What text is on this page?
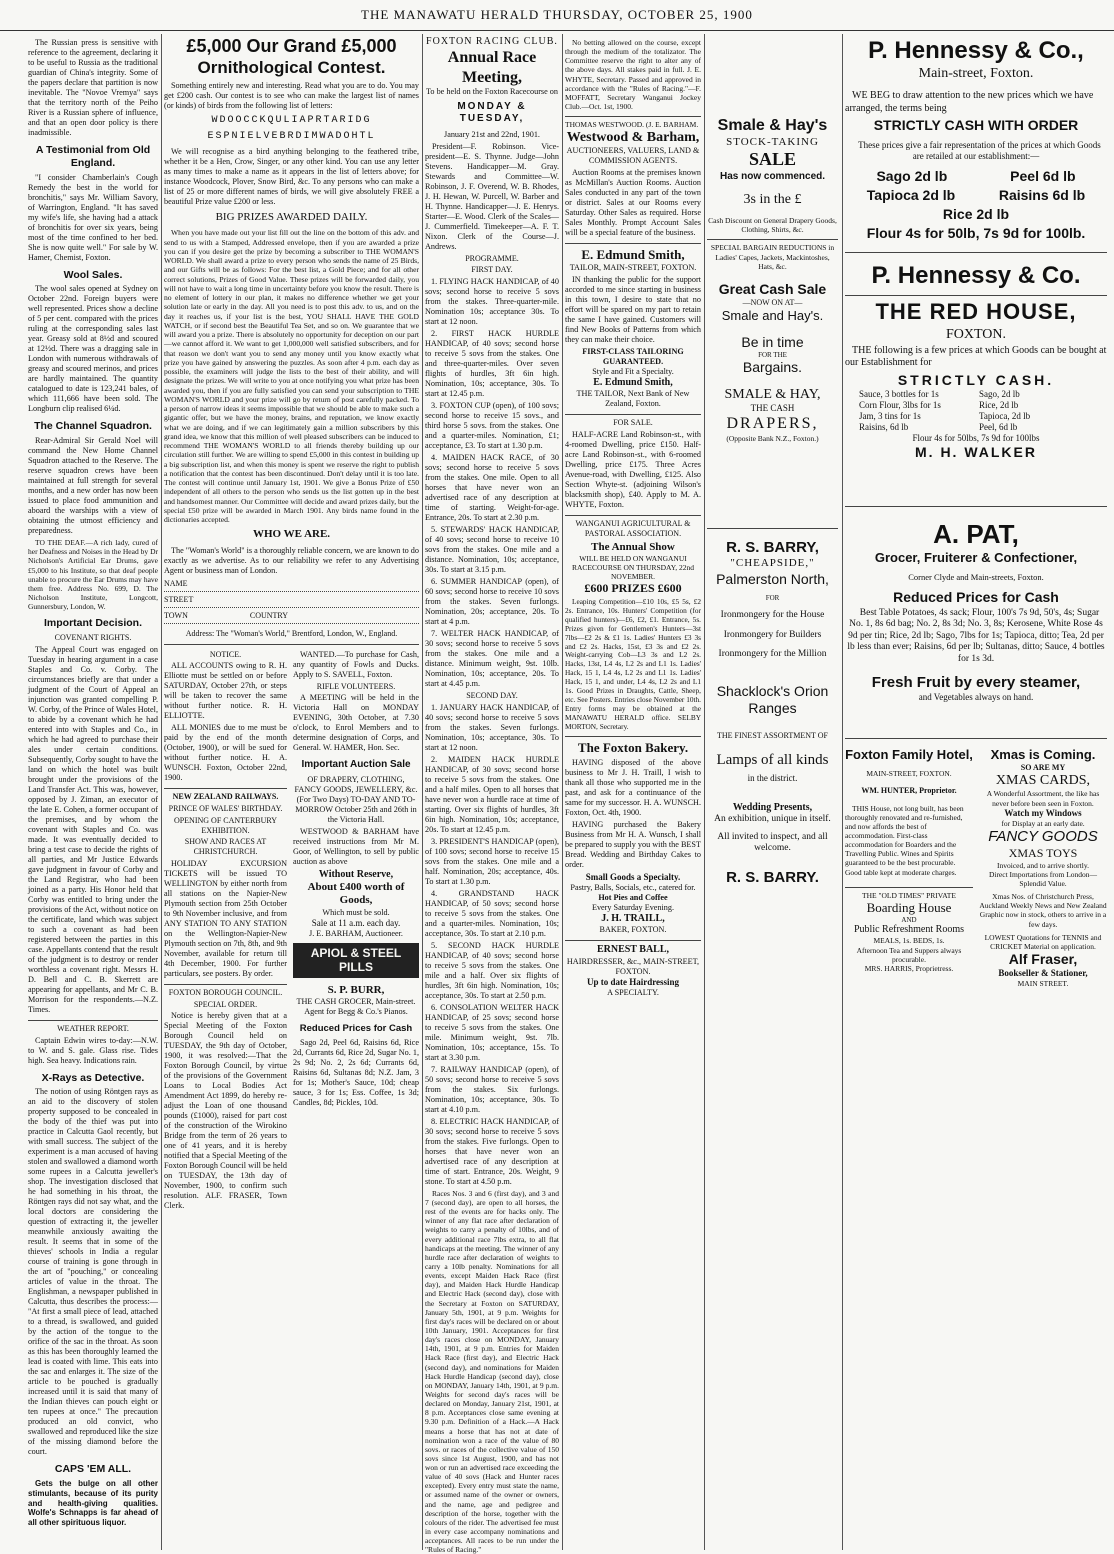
THE MANAWATU HERALD THURSDAY, OCTOBER 25, 1900

The Russian press is sensitive with reference to the agreement, declaring it to be useful to Russia as the traditional guardian of China's integrity. Some of the papers declare that partition is now inevitable. The "Novoe Vremya" says that the territory north of the Peiho River is a Russian sphere of influence, and that an open door policy is there inadmissible.

A Testimonial from Old England.

"I consider Chamberlain's Cough Remedy the best in the world for bronchitis," says Mr. William Savory, of Warrington, England. "It has saved my wife's life, she having had a attack of bronchitis for over six years, being most of the time confined to her bed. She is now quite well." For sale by W. Hamer, Chemist, Foxton.

Wool Sales.

The wool sales opened at Sydney on October 22nd. Foreign buyers were well represented. Prices show a decline of 5 per cent. compared with the prices ruling at the corresponding sales last year. Greasy sold at 8½d and scoured at 12½d. There was a dragging sale in London with numerous withdrawals of greasy and scoured merinos, and prices are hardly maintained. The quantity catalogued to date is 123,241 bales, of which 111,666 have been sold. The Longburn clip realised 6¼d.

The Channel Squadron.

Rear-Admiral Sir Gerald Noel will command the New Home Channel Squadron attached to the Reserve. The reserve squadron crews have been maintained at full strength for several months, and a new order has now been issued to place food ammunition and aboard the warships with a view of obtaining the utmost efficiency and preparedness.

TO THE DEAF.—A rich lady, cured of her Deafness and Noises in the Head by Dr Nicholson's Artificial Ear Drums, gave £5,000 to his Institute, so that deaf people unable to procure the Ear Drums may have them free. Address No. 699, D. The Nicholson Institute, Longcott, Gunnersbury, London, W.

Important Decision.
COVENANT RIGHTS.

The Appeal Court was engaged on Tuesday in hearing argument in a case Staples and Co. v. Corby. The circumstances briefly are that under a judgment of the Court of Appeal an injunction was granted compelling P. W. Corby, of the Prince of Wales Hotel, to abide by a covenant which he had entered into with Staples and Co., in which he had agreed to purchase their ales under certain conditions. Subsequently, Corby sought to have the land on which the hotel was built brought under the provisions of the Land Transfer Act. This was, however, opposed by J. Ziman, an executor of the late E. Cohen, a former occupant of the premises, and by whom the covenant with Staples and Co. was made. It was eventually decided to bring a test case to decide the rights of all parties, and Mr Justice Edwards gave judgment in favour of Corby and the Land Registrar, who had been joined as a party. His Honor held that Corby was entitled to bring under the provisions of the Act, without notice on the certificate, land which was subject to such a covenant as had been registered between the parties in this case. Appellants contend that the result of the judgment is to destroy or render worthless a covenant right. Messrs H. D. Bell and C. B. Skerrett are appearing for appellants, and Mr C. B. Morrison for the respondents.—N.Z. Times.

WEATHER REPORT.

Captain Edwin wires to-day:—N.W. to W. and S. gale. Glass rise. Tides high. Sea heavy. Indications rain.

X-Rays as Detective.

The notion of using Röntgen rays as an aid to the discovery of stolen property supposed to be concealed in the body of the thief was put into practice in Calcutta Gaol recently, but with small success. The subject of the experiment is a man accused of having stolen and swallowed a diamond worth some rupees in a Calcutta jeweller's shop. The investigation disclosed that he had something in his throat, the Röntgen rays did not say what, and the local doctors are considering the question of extracting it, the jeweller meanwhile anxiously awaiting the result. It seems that in some of the thieves' schools in India a regular course of training is gone through in the art of "pouching," or concealing articles of value in the throat. The Englishman, a newspaper published in Calcutta, thus describes the process:— "At first a small piece of lead, attached to a thread, is swallowed, and guided by the action of the tongue to the orifice of the sac in the throat. As soon as this has been thoroughly learned the lead is coated with lime. This eats into the sac and enlarges it. The size of the article to be pouched is gradually increased until it is said that many of the Indian thieves can pouch eight or ten rupees at once." The precaution produced an old convict, who swallowed and reproduced like the size of the missing diamond before the court.

CAPS 'EM ALL.

Gets the bulge on all other stimulants, because of its purity and health-giving qualities. Wolfe's Schnapps is far ahead of all other spirituous liquor.

£5,000 Our Grand £5,000
Ornithological Contest.

Something entirely new and interesting. Read what you are to do. You may get £200 cash. Our contest is to see who can make the largest list of names (or kinds) of birds from the following list of letters:

WDOOCCKQULIAPRTARIDG
ESPNIELVEBRDIMWADOHTL

We will recognise as a bird anything belonging to the feathered tribe, whether it be a Hen, Crow, Singer, or any other kind. You can use any letter as many times to make a name as it appears in the list of letters above; for instance Woodcock, Plover, Snow Bird, &c. To any persons who can make a list of 25 or more different names of birds, we will give absolutely FREE a beautiful Prize value £200 or less.

BIG PRIZES AWARDED DAILY.

When you have made out your list fill out the line on the bottom of this adv. and send to us with a Stamped, Addressed envelope, then if you are awarded a prize you can if you desire get the prize by becoming a subscriber to THE WOMAN'S WORLD. We shall award a prize to every person who sends the name of 25 Birds, and our Gifts will be as follows: For the best list, a Gold Piece; and for all other correct solutions, Prizes of Good Value. These prizes will be forwarded daily, you will not have to wait a long time in uncertainty before you know the result. There is no element of lottery in our plan, it makes no difference whether we get your solution late or early in the day. All you need is to post this adv. to us, and on the day it reaches us, if your list is the best, YOU SHALL HAVE THE GOLD WATCH, or if second best the Beautiful Tea Set, and so on. We guarantee that we will award you a prize. There is absolutely no opportunity for deception on our part—we cannot afford it. We want to get 1,000,000 well satisfied subscribers, and for that reason we don't want you to send any money until you know exactly what prize you have gained by answering the puzzles. As soon after 4 p.m. each day as possible, the examiners will judge the lists to the best of their ability, and will designate the prizes. We will write to you at once notifying you what prize has been awarded you, then if you are fully satisfied you can send your subscription to THE WOMAN'S WORLD and your prize will go by return of post carefully packed. To a person of narrow ideas it seems impossible that we should be able to make such a gigantic offer, but we have the money, brains, and reputation, we know exactly what we are doing, and if we can legitimately gain a million subscribers by this grand idea, we know that this million of well pleased subscribers can be induced to recommend THE WOMAN'S WORLD to all friends thereby building up our circulation still further. We are willing to spend £5,000 in this contest in building up a big subscription list, and when this money is spent we reserve the right to publish a notification that the contest has been discontinued. Don't delay until it is too late. The contest will continue until January 1st, 1901. We give a Bonus Prize of £50 independent of all others to the person who sends us the list gotten up in the best and handsomest manner. Our Committee will decide and award prizes daily, but the special £50 prize will be awarded in March 1901. Any birds name found in the dictionaries accepted.

WHO WE ARE.

The "Woman's World" is a thoroughly reliable concern, we are known to do exactly as we advertise. As to our reliability we refer to any Advertising Agent or business man of London.

NAME
STREET
TOWN	COUNTRY
Address: The "Woman's World," Brentford, London, W., England.
NOTICE.

ALL ACCOUNTS owing to R. H. Elliotte must be settled on or before SATURDAY, October 27th, or steps will be taken to recover the same without further notice. R. H. ELLIOTTE.

ALL MONIES due to me must be paid by the end of the month (October, 1900), or will be sued for without further notice. H. A. WUNSCH. Foxton, October 22nd, 1900.

NEW ZEALAND RAILWAYS.
PRINCE OF WALES' BIRTHDAY.
OPENING OF CANTERBURY EXHIBITION.
SHOW AND RACES AT CHRISTCHURCH.

HOLIDAY EXCURSION TICKETS will be issued TO WELLINGTON by either north from all stations on the Napier-New Plymouth section from 25th October to 9th November inclusive, and from ANY STATION TO ANY STATION on the Wellington-Napier-New Plymouth section on 7th, 8th, and 9th November, available for return till 4th December, 1900. For further particulars, see posters. By order.

FOXTON BOROUGH COUNCIL.
SPECIAL ORDER.

Notice is hereby given that at a Special Meeting of the Foxton Borough Council held on TUESDAY, the 9th day of October, 1900, it was resolved:—That the Foxton Borough Council, by virtue of the provisions of the Government Loans to Local Bodies Act Amendment Act 1899, do hereby re-adjust the Loan of one thousand pounds (£1000), raised for part cost of the construction of the Wirokino Bridge from the term of 26 years to one of 41 years, and it is hereby notified that a Special Meeting of the Foxton Borough Council will be held on TUESDAY, the 13th day of November, 1900, to confirm such resolution. ALF. FRASER, Town Clerk.

WANTED.—To purchase for Cash, any quantity of Fowls and Ducks. Apply to S. SAVELL, Foxton.

RIFLE VOLUNTEERS.

A MEETING will be held in the Victoria Hall on MONDAY EVENING, 30th October, at 7.30 o'clock, to Enrol Members and to determine designation of Corps, and General. W. HAMER, Hon. Sec.

Important Auction Sale
OF DRAPERY, CLOTHING, FANCY GOODS, JEWELLERY, &c. (For Two Days) TO-DAY AND TO-MORROW October 25th and 26th in the Victoria Hall.

WESTWOOD & BARHAM have received instructions from Mr M. Goor, of Wellington, to sell by public auction as above

Without Reserve,
About £400 worth of Goods,
Which must be sold.
Sale at 11 a.m. each day.
J. E. BARHAM, Auctioneer.
APIOL & STEEL PILLS
S. P. BURR,
THE CASH GROCER, Main-street.
Agent for Begg & Co.'s Pianos.
Reduced Prices for Cash

Sago 2d, Peel 6d, Raisins 6d, Rice 2d, Currants 6d, Rice 2d, Sugar No. 1, 2s 9d; No. 2, 2s 6d; Currants 6d, Raisins 6d, Sultanas 8d; N.Z. Jam, 3 for 1s; Mother's Sauce, 10d; cheap sauce, 3 for 1s; Ess. Coffee, 1s 3d; Candles, 8d; Pickles, 10d.

FOXTON RACING CLUB.
Annual Race Meeting,
To be held on the Foxton Racecourse on
MONDAY & TUESDAY,
January 21st and 22nd, 1901.

President—F. Robinson. Vice-president—E. S. Thynne. Judge—John Stevens. Handicapper—M. Gray. Stewards and Committee—W. Robinson, J. F. Overend, W. B. Rhodes, J. H. Hewan, W. Purcell, W. Barber and H. Thynne. Handicapper—J. E. Henrys. Starter—E. Wood. Clerk of the Scales—J. Cummerfield. Timekeeper—A. F. T. Nixon. Clerk of the Course—J. Andrews.

PROGRAMME.
FIRST DAY.
1. FLYING HACK HANDICAP, of 40 sovs; second horse to receive 5 sovs from the stakes. Three-quarter-mile. Nomination 10s; acceptance 30s. To start at 12 noon.
2. FIRST HACK HURDLE HANDICAP, of 40 sovs; second horse to receive 5 sovs from the stakes. One and three-quarter-miles. Over seven flights of hurdles, 3ft 6in high. Nomination, 10s; acceptance, 30s. To start at 12.45 p.m.
3. FOXTON CUP (open), of 100 sovs; second horse to receive 15 sovs., and third horse 5 sovs. from the stakes. One and a quarter-miles. Nomination, £1; acceptance, £3. To start at 1.30 p.m.
4. MAIDEN HACK RACE, of 30 sovs; second horse to receive 5 sovs from the stakes. One mile. Open to all horses that have never won an advertised race of any description at time of starting. Weight-for-age. Entrance, 20s. To start at 2.30 p.m.
5. STEWARDS' HACK HANDICAP, of 40 sovs; second horse to receive 10 sovs from the stakes. One mile and a distance. Nomination, 10s; acceptance, 30s. To start at 3.15 p.m.
6. SUMMER HANDICAP (open), of 60 sovs; second horse to receive 10 sovs from the stakes. Seven furlongs. Nomination, 20s; acceptance, 20s. To start at 4 p.m.
7. WELTER HACK HANDICAP, of 30 sovs; second horse to receive 5 sovs from the stakes. One mile and a distance. Minimum weight, 9st. 10lb. Nomination, 10s; acceptance, 20s. To start at 4.45 p.m.
SECOND DAY.
1. JANUARY HACK HANDICAP, of 40 sovs; second horse to receive 5 sovs from the stakes. Seven furlongs. Nomination, 10s; acceptance, 30s. To start at 12 noon.
2. MAIDEN HACK HURDLE HANDICAP, of 30 sovs; second horse to receive 5 sovs from the stakes. One and a half miles. Open to all horses that have never won a hurdle race at time of starting. Over six flights of hurdles, 3ft 6in high. Nomination, 10s; acceptance, 20s. To start at 12.45 p.m.
3. PRESIDENT'S HANDICAP (open), of 100 sovs; second horse to receive 15 sovs from the stakes. One mile and a half. Nomination, 20s; acceptance, 40s. To start at 1.30 p.m.
4. GRANDSTAND HACK HANDICAP, of 50 sovs; second horse to receive 5 sovs from the stakes. One and a quarter-miles. Nomination, 10s; acceptance, 30s. To start at 2.10 p.m.
5. SECOND HACK HURDLE HANDICAP, of 40 sovs; second horse to receive 5 sovs from the stakes. One mile and a half. Over six flights of hurdles, 3ft 6in high. Nomination, 10s; acceptance, 30s. To start at 2.50 p.m.
6. CONSOLATION WELTER HACK HANDICAP, of 25 sovs; second horse to receive 5 sovs from the stakes. One mile. Minimum weight, 9st. 7lb. Nomination, 10s; acceptance, 15s. To start at 3.30 p.m.
7. RAILWAY HANDICAP (open), of 50 sovs; second horse to receive 5 sovs from the stakes. Six furlongs. Nomination, 10s; acceptance, 30s. To start at 4.10 p.m.
8. ELECTRIC HACK HANDICAP, of 30 sovs; second horse to receive 5 sovs from the stakes. Five furlongs. Open to horses that have never won an advertised race of any description at time of start. Entrance, 20s. Weight, 9 stone. To start at 4.50 p.m.

Races Nos. 3 and 6 (first day), and 3 and 7 (second day), are open to all horses, the rest of the events are for hacks only. The winner of any flat race after declaration of weights to carry a penalty of 10lbs, and of every additional race 7lbs extra, to all flat handicaps at the meeting. The winner of any hurdle race after declaration of weights to carry a 10lb penalty. Nominations for all events, except Maiden Hack Race (first day), and Maiden Hack Hurdle Handicap and Electric Hack (second day), close with the Secretary at Foxton on SATURDAY, January 5th, 1901, at 9 p.m. Weights for first day's races will be declared on or about 10th January, 1901. Acceptances for first day's races close on MONDAY, January 14th, 1901, at 9 p.m. Entries for Maiden Hack Race (first day), and Electric Hack (second day), and nominations for Maiden Hack Hurdle Handicap (second day), close on MONDAY, January 14th, 1901, at 9 p.m. Weights for second day's races will be declared on Monday, January 21st, 1901, at 8 p.m. Acceptances close same evening at 9.30 p.m. Definition of a Hack.—A Hack means a horse that has not at date of nomination won a race of the value of 80 sovs. or races of the collective value of 150 sovs since 1st August, 1900, and has not won or run an advertised race exceeding the value of 40 sovs (Hack and Hunter races excepted). Every entry must state the name, or assumed name of the owner or owners, and the name, age and pedigree and description of the horse, together with the colours of the rider. The advertised fee must in every case accompany nominations and acceptances. All races to be run under the "Rules of Racing."

No betting allowed on the course, except through the medium of the totalizator. The Committee reserve the right to alter any of the above days. All stakes paid in full. J. E. WHYTE, Secretary. Passed and approved in accordance with the "Rules of Racing."—F. MOFFATT, Secretary Wanganui Jockey Club.—Oct. 1st, 1900.

THOMAS WESTWOOD. (J. E. BARHAM.
Westwood & Barham,
AUCTIONEERS, VALUERS, LAND & COMMISSION AGENTS.

Auction Rooms at the premises known as McMillan's Auction Rooms. Auction Sales conducted in any part of the town or district. Sales at our Rooms every Saturday. Other Sales as required. Horse Sales Monthly. Prompt Account Sales will be a special feature of the business.

E. Edmund Smith,
TAILOR, MAIN-STREET, FOXTON.

IN thanking the public for the support accorded to me since starting in business in this town, I desire to state that no effort will be spared on my part to retain the same I have gained. Customers will find New Books of Patterns from which they can make their choice.

FIRST-CLASS TAILORING GUARANTEED.
Style and Fit a Specialty.
E. Edmund Smith,
THE TAILOR, Next Bank of New Zealand, Foxton.
FOR SALE.

HALF-ACRE Land Robinson-st., with 4-roomed Dwelling, price £150. Half-acre Land Robinson-st., with 6-roomed Dwelling, price £175. Three Acres Avenue-road, with Dwelling, £125. Also Section Whyte-st. (adjoining Wilson's blacksmith shop), £40. Apply to M. A. WHYTE, Foxton.

WANGANUI AGRICULTURAL & PASTORAL ASSOCIATION.
The Annual Show
WILL BE HELD ON WANGANUI RACECOURSE ON THURSDAY, 22nd NOVEMBER.
£600 PRIZES £600

Leaping Competition—£10 10s, £5 5s, £2 2s. Entrance, 10s. Hunters' Competition (for qualified hunters)—£6, £2, £1. Entrance, 5s. Prizes given for Gentlemen's Hunters—3st 7lbs—£2 2s & £1 1s. Ladies' Hunters £3 3s and £2 2s. Hacks, 15st, £3 3s and £2 2s. Weight-carrying Cob—L3 3s and L2 2s. Hacks, 13st, L4 4s, L2 2s and L1 1s. Ladies' Hack, 15 1, L4 4s, L2 2s and L1 1s. Ladies' Hack, 15 1, and under, L4 4s, L2 2s and L1 1s. Good Prizes in Draughts, Cattle, Sheep, etc. See Posters. Entries close November 10th. Entry forms may be obtained at the MANAWATU HERALD office. SELBY MORTON, Secretary.

The Foxton Bakery.

HAVING disposed of the above business to Mr J. H. Traill, I wish to thank all those who supported me in the past, and ask for a continuance of the same for my successor. H. A. WUNSCH. Foxton, Oct. 4th, 1900.

HAVING purchased the Bakery Business from Mr H. A. Wunsch, I shall be prepared to supply you with the BEST Bread. Wedding and Birthday Cakes to order.

Small Goods a Specialty.
Pastry, Balls, Socials, etc., catered for.
Hot Pies and Coffee
Every Saturday Evening.
J. H. TRAILL,
BAKER, FOXTON.
ERNEST BALL,
HAIRDRESSER, &c., MAIN-STREET, FOXTON.
Up to date Hairdressing
A SPECIALTY.
Smale & Hay's
STOCK-TAKING
SALE
Has now commenced.
3s in the £
Cash Discount on General Drapery Goods, Clothing, Shirts, &c.
SPECIAL BARGAIN REDUCTIONS in Ladies' Capes, Jackets, Mackintoshes, Hats, &c.
Great Cash Sale
—NOW ON AT—
Smale and Hay's.
Be in time
FOR THE
Bargains.
SMALE & HAY,
THE CASH
DRAPERS,
(Opposite Bank N.Z., Foxton.)
R. S. BARRY,
"CHEAPSIDE,"
Palmerston North,
FOR
Ironmongery for the House
Ironmongery for Builders
Ironmongery for the Million
Shacklock's Orion Ranges
THE FINEST ASSORTMENT OF
Lamps of all kinds
in the district.
Wedding Presents,
An exhibition, unique in itself.
All invited to inspect, and all welcome.
R. S. BARRY.
P. Hennessy & Co.,
Main-street, Foxton.

WE BEG to draw attention to the new prices which we have arranged, the terms being

STRICTLY CASH WITH ORDER

These prices give a fair representation of the prices at which Goods are retailed at our establishment:—

Sago 2d lb	Peel 6d lb
Tapioca 2d lb	Raisins 6d lb
Rice 2d lb
Flour 4s for 50lb, 7s 9d for 100lb.
P. Hennessy & Co.
THE RED HOUSE,
FOXTON.

THE following is a few prices at which Goods can be bought at our Establishment for

STRICTLY CASH.
Sauce, 3 bottles for 1s
Corn Flour, 3lbs for 1s
Jam, 3 tins for 1s
Raisins, 6d lb
Sago, 2d lb
Rice, 2d lb
Tapioca, 2d lb
Peel, 6d lb
Flour 4s for 50lbs, 7s 9d for 100lbs
M. H. WALKER
A. PAT,
Grocer, Fruiterer & Confectioner,
Corner Clyde and Main-streets, Foxton.
Reduced Prices for Cash

Best Table Potatoes, 4s sack; Flour, 100's 7s 9d, 50's, 4s; Sugar No. 1, 8s 6d bag; No. 2, 8s 3d; No. 3, 8s; Kerosene, White Rose 4s 9d per tin; Rice, 2d lb; Sago, 7lbs for 1s; Tapioca, ditto; Tea, 2d per lb less than ever; Raisins, 6d per lb; Sultanas, ditto; Sauce, 4 bottles for 1s 3d.

Fresh Fruit by every steamer,
and Vegetables always on hand.
Foxton Family Hotel,
MAIN-STREET, FOXTON.
WM. HUNTER, Proprietor.

THIS House, not long built, has been thoroughly renovated and re-furnished, and now affords the best of accommodation. First-class accommodation for Boarders and the Travelling Public. Wines and Spirits guaranteed to be the best procurable. Good table kept at moderate charges.

THE "OLD TIMES" PRIVATE
Boarding House
AND
Public Refreshment Rooms
MEALS, 1s. BEDS, 1s.
Afternoon Tea and Suppers always procurable.
MRS. HARRIS, Proprietress.
Xmas is Coming.
SO ARE MY
XMAS CARDS,
A Wonderful Assortment, the like has never before been seen in Foxton.
Watch my Windows
for Display at an early date.
FANCY GOODS
XMAS TOYS
Invoiced, and to arrive shortly.
Direct Importations from London—Splendid Value.
Xmas Nos. of Christchurch Press, Auckland Weekly News and New Zealand Graphic now in stock, others to arrive in a few days.
LOWEST Quotations for TENNIS and CRICKET Material on application.
Alf Fraser,
Bookseller & Stationer,
MAIN STREET.
